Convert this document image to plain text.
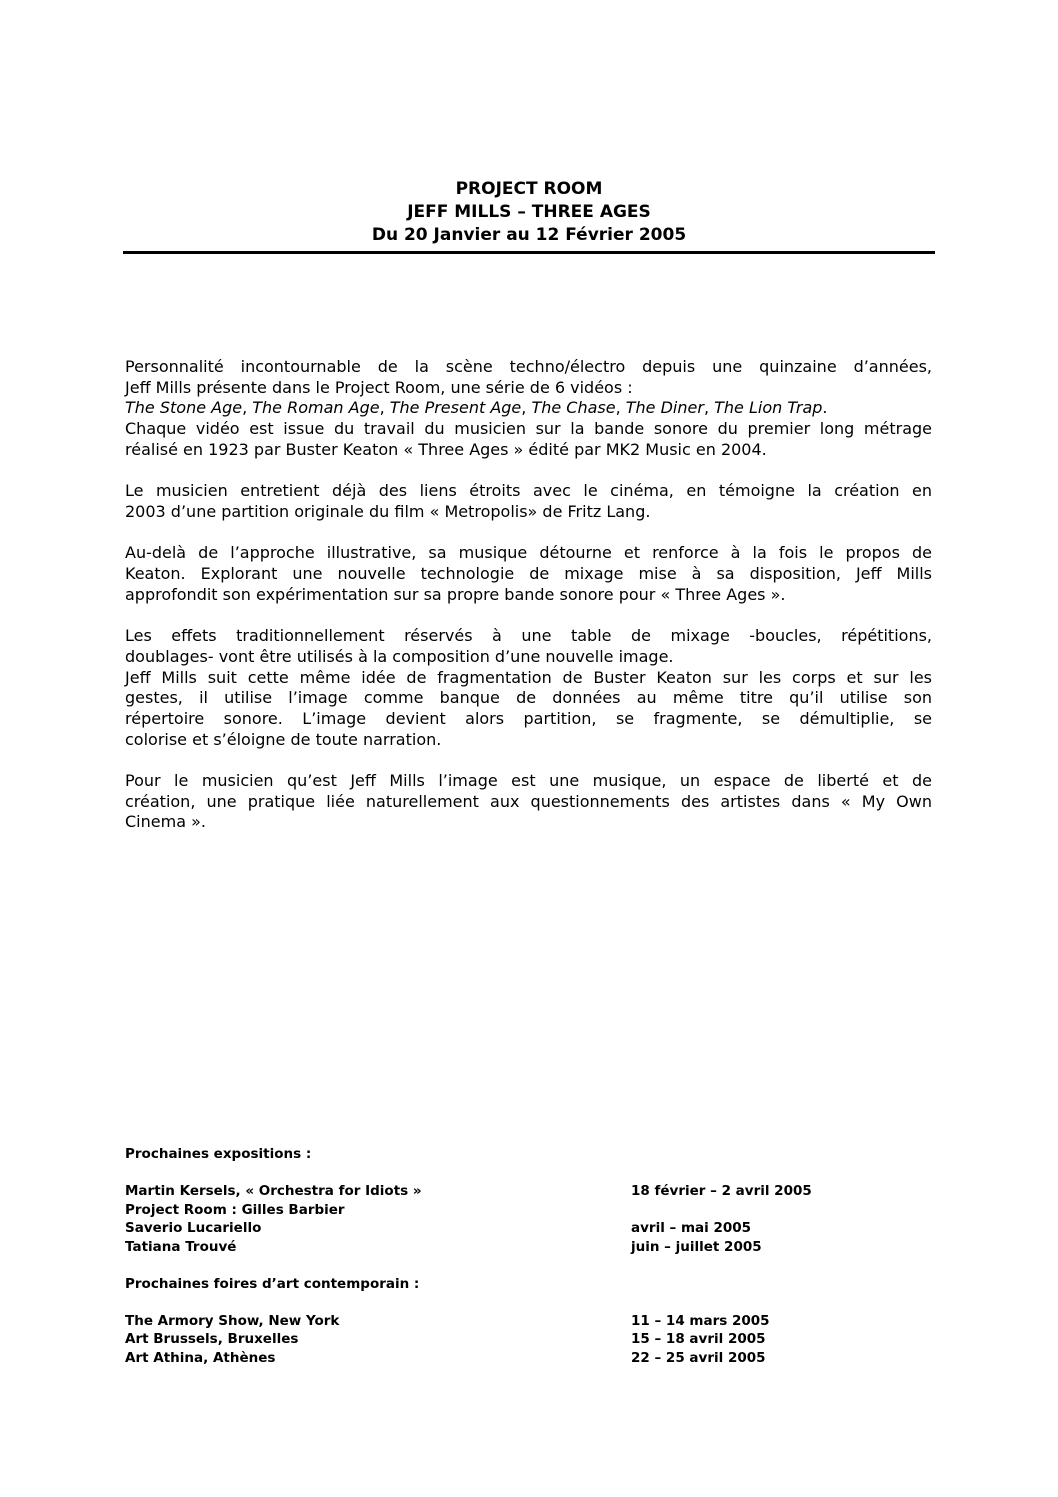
PROJECT ROOM
JEFF MILLS – THREE AGES
Du 20 Janvier au 12 Février 2005
Personnalité incontournable de la scène techno/électro depuis une quinzaine d’années,
Jeff Mills présente dans le Project Room, une série de 6 vidéos :
The Stone Age, The Roman Age, The Present Age, The Chase, The Diner, The Lion Trap.
Chaque vidéo est issue du travail du musicien sur la bande sonore du premier long métrage
réalisé en 1923 par Buster Keaton « Three Ages » édité par MK2 Music en 2004.
Le musicien entretient déjà des liens étroits avec le cinéma, en témoigne la création en
2003 d’une partition originale du film « Metropolis» de Fritz Lang.
Au-delà de l’approche illustrative, sa musique détourne et renforce à la fois le propos de
Keaton. Explorant une nouvelle technologie de mixage mise à sa disposition, Jeff Mills
approfondit son expérimentation sur sa propre bande sonore pour « Three Ages ».
Les effets traditionnellement réservés à une table de mixage -boucles, répétitions,
doublages- vont être utilisés à la composition d’une nouvelle image.
Jeff Mills suit cette même idée de fragmentation de Buster Keaton sur les corps et sur les
gestes, il utilise l’image comme banque de données au même titre qu’il utilise son
répertoire sonore. L’image devient alors partition, se fragmente, se démultiplie, se
colorise et s’éloigne de toute narration.
Pour le musicien qu’est Jeff Mills l’image est une musique, un espace de liberté et de
création, une pratique liée naturellement aux questionnements des artistes dans « My Own
Cinema ».

Prochaines expositions :

Martin Kersels, « Orchestra for Idiots »	18 février – 2 avril 2005
Project Room : Gilles Barbier
Saverio Lucariello	avril – mai 2005
Tatiana Trouvé	juin – juillet 2005

Prochaines foires d’art contemporain :

The Armory Show, New York	11 – 14 mars 2005
Art Brussels, Bruxelles	15 – 18 avril 2005
Art Athina, Athènes	22 – 25 avril 2005
